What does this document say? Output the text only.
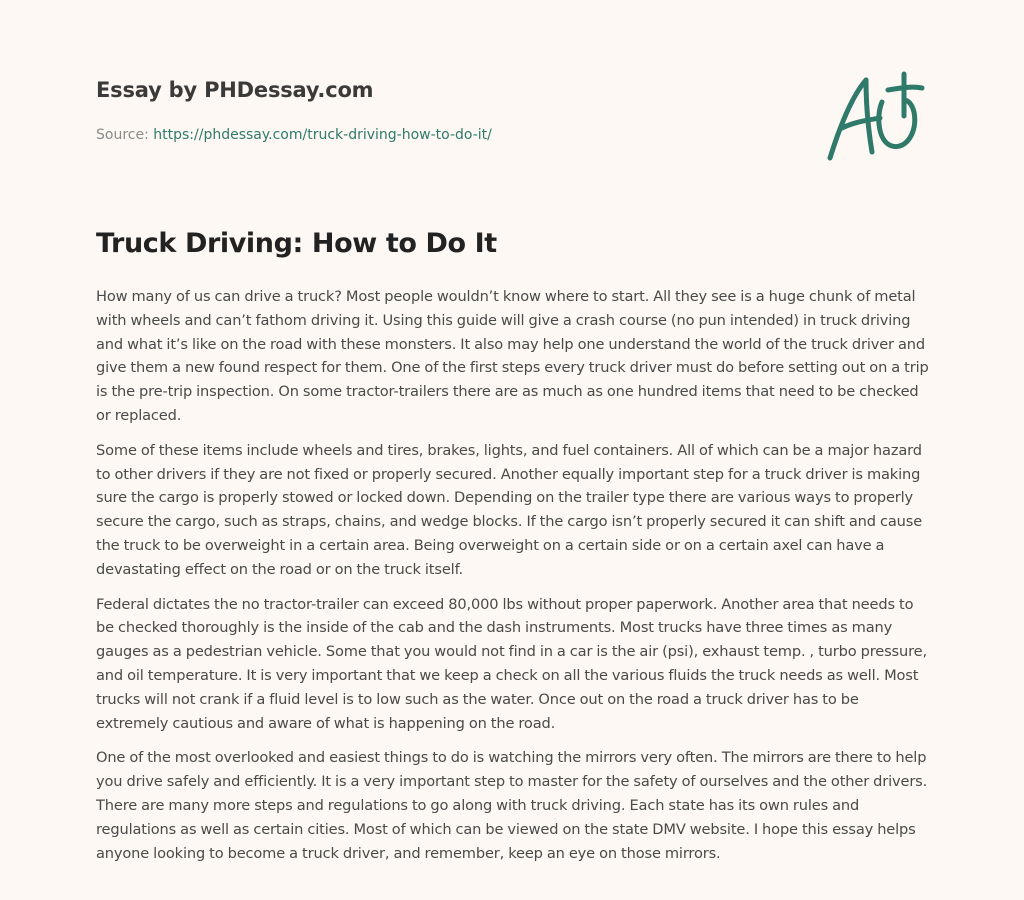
Essay by PHDessay.com
Source: https://phdessay.com/truck-driving-how-to-do-it/
Truck Driving: How to Do It

How many of us can drive a truck? Most people wouldn’t know where to start. All they see is a huge chunk of metal with wheels and can’t fathom driving it. Using this guide will give a crash course (no pun intended) in truck driving and what it’s like on the road with these monsters. It also may help one understand the world of the truck driver and give them a new found respect for them. One of the first steps every truck driver must do before setting out on a trip is the pre-trip inspection. On some tractor-trailers there are as much as one hundred items that need to be checked or replaced.

Some of these items include wheels and tires, brakes, lights, and fuel containers. All of which can be a major hazard to other drivers if they are not fixed or properly secured. Another equally important step for a truck driver is making sure the cargo is properly stowed or locked down. Depending on the trailer type there are various ways to properly secure the cargo, such as straps, chains, and wedge blocks. If the cargo isn’t properly secured it can shift and cause the truck to be overweight in a certain area. Being overweight on a certain side or on a certain axel can have a devastating effect on the road or on the truck itself.

Federal dictates the no tractor-trailer can exceed 80,000 lbs without proper paperwork. Another area that needs to be checked thoroughly is the inside of the cab and the dash instruments. Most trucks have three times as many gauges as a pedestrian vehicle. Some that you would not find in a car is the air (psi), exhaust temp. , turbo pressure, and oil temperature. It is very important that we keep a check on all the various fluids the truck needs as well. Most trucks will not crank if a fluid level is to low such as the water. Once out on the road a truck driver has to be extremely cautious and aware of what is happening on the road.

One of the most overlooked and easiest things to do is watching the mirrors very often. The mirrors are there to help you drive safely and efficiently. It is a very important step to master for the safety of ourselves and the other drivers. There are many more steps and regulations to go along with truck driving. Each state has its own rules and regulations as well as certain cities. Most of which can be viewed on the state DMV website. I hope this essay helps anyone looking to become a truck driver, and remember, keep an eye on those mirrors.
